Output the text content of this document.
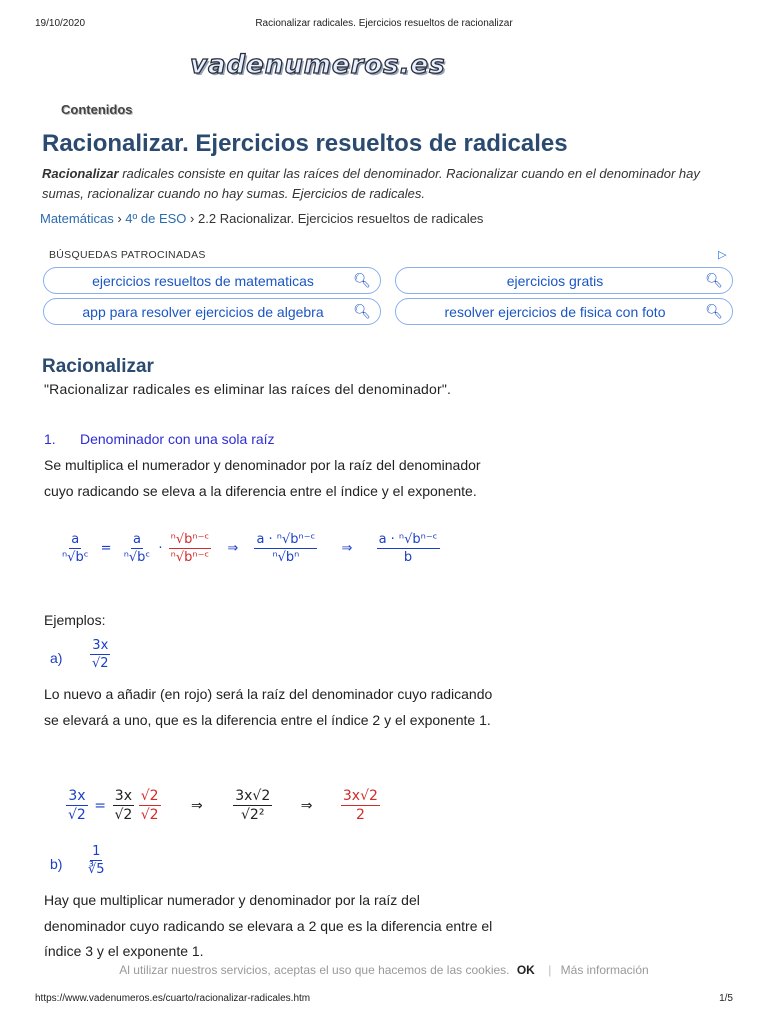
19/10/2020	Racionalizar radicales. Ejercicios resueltos de racionalizar
vadenumeros.es
Contenidos
Racionalizar. Ejercicios resueltos de radicales

Racionalizar radicales consiste en quitar las raíces del denominador. Racionalizar cuando en el denominador hay sumas, racionalizar cuando no hay sumas. Ejercicios de radicales.

Matemáticas › 4º de ESO › 2.2 Racionalizar. Ejercicios resueltos de radicales
BÚSQUEDAS PATROCINADAS	▷
ejercicios resueltos de matematicas	🔍︎	ejercicios gratis	🔍︎
app para resolver ejercicios de algebra 🔍︎	resolver ejercicios de fisica con foto	🔍︎
Racionalizar
"Racionalizar radicales es eliminar las raíces del denominador".
1. Denominador con una sola raíz

Se multiplica el numerador y denominador por la raíz del denominador cuyo radicando se eleva a la diferencia entre el índice y el exponente.

$\frac{a}{\text{ⁿ√bᶜ}} = \frac{a}{\text{ⁿ√bᶜ}} \cdot \frac{\text{ⁿ√bⁿ⁻ᶜ}}{\text{ⁿ√bⁿ⁻ᶜ}}$ ⇒ $\frac{\text{a · ⁿ√bⁿ⁻ᶜ}}{\text{ⁿ√bⁿ}}$ ⇒ $\frac{\text{a · ⁿ√bⁿ⁻ᶜ}}{b}$

Ejemplos:

$a) \frac{3x}{√2}$

Lo nuevo a añadir (en rojo) será la raíz del denominador cuyo radicando se elevará a uno, que es la diferencia entre el índice 2 y el exponente 1.

$\frac{3x}{√2} = \frac{3x}{√2}$
$\frac{√2}{√2}$ ⇒ $\frac{3x√2}{\text{√2²}}$ ⇒ $\frac{3x√2}{2}$
$b) \frac{1}{∛5}$

Hay que multiplicar numerador y denominador por la raíz del denominador cuyo radicando se elevara a 2 que es la diferencia entre el índice 3 y el exponente 1.

Al utilizar nuestros servicios, aceptas el uso que hacemos de las cookies. OK | Más información
https://www.vadenumeros.es/cuarto/racionalizar-radicales.htm	1/5
